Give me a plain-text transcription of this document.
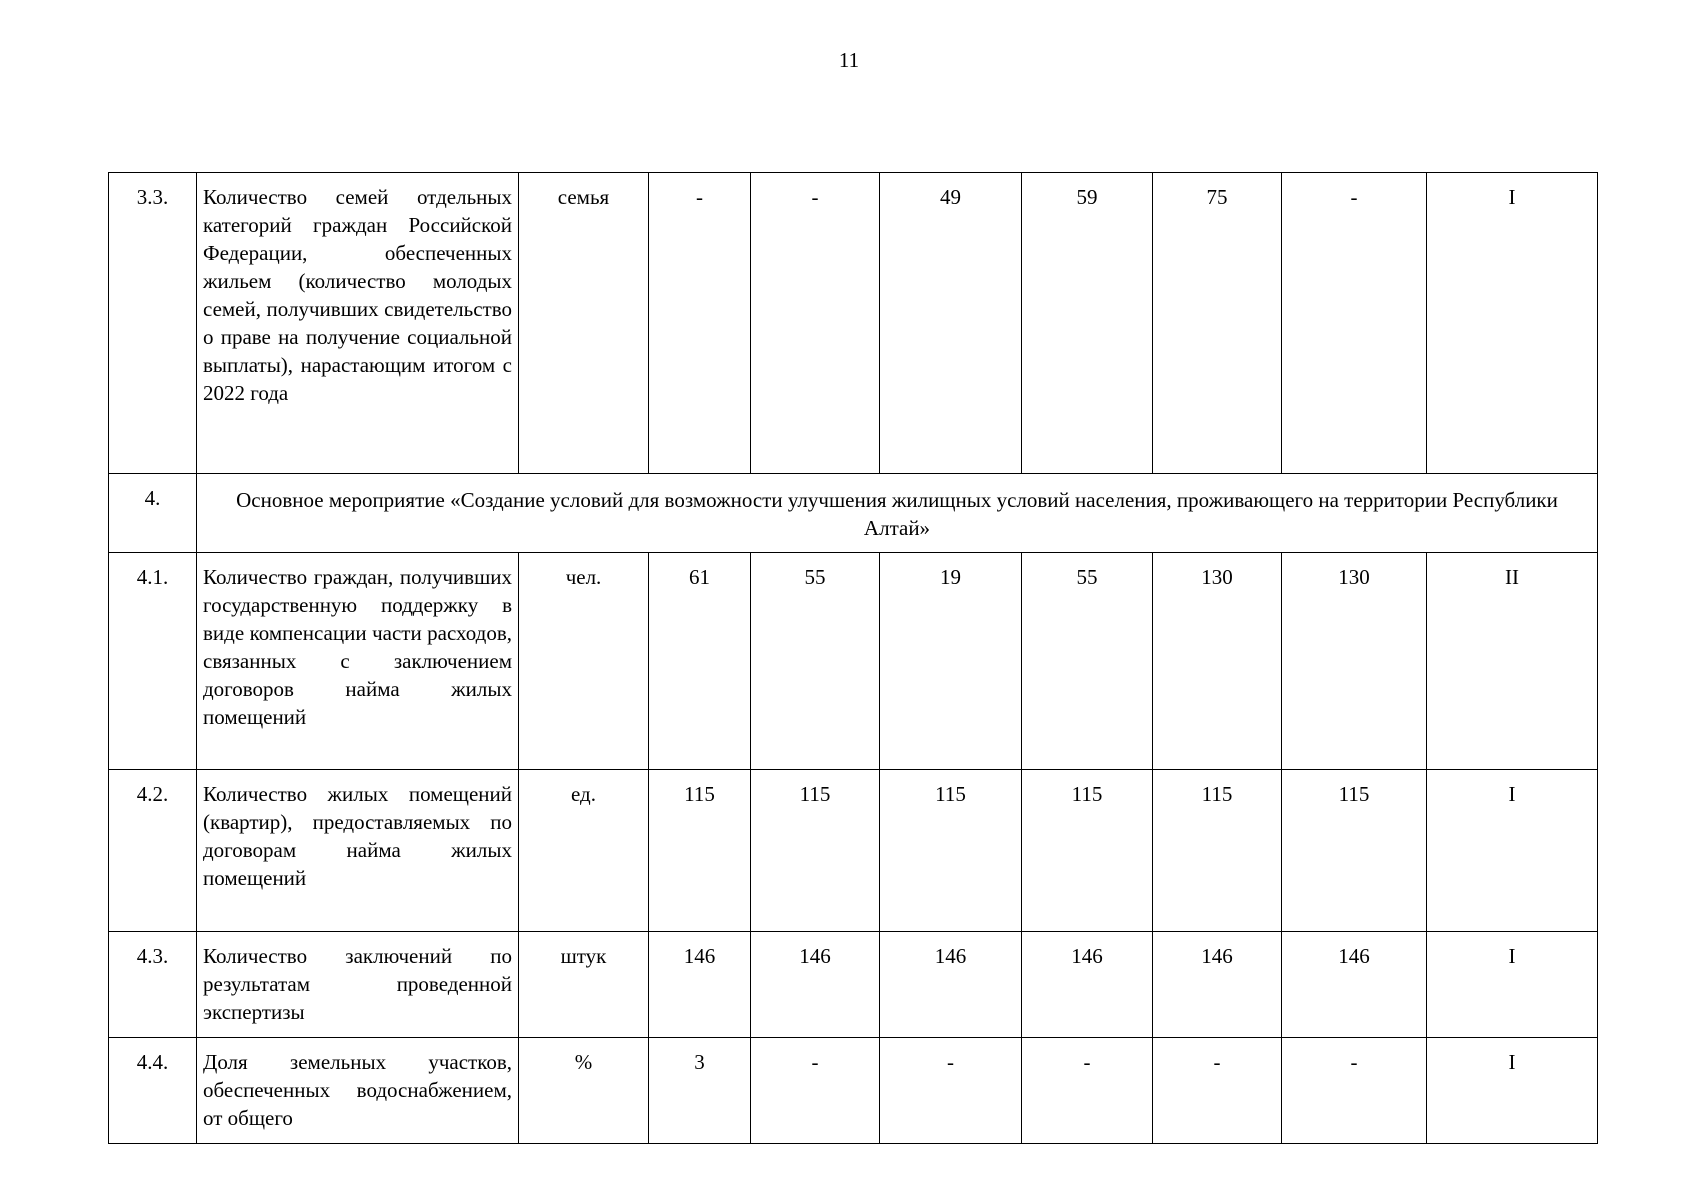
11
3.3.	Количество семей отдельных категорий граждан Российской Федерации, обеспеченных жильем (количество молодых семей, получивших свидетельство о праве на получение социальной выплаты), нарастающим итогом с 2022 года	семья	-	-	49	59	75	-	I
4.	Основное мероприятие «Создание условий для возможности улучшения жилищных условий населения, проживающего на территории Республики Алтай»								
4.1.	Количество граждан, получивших государственную поддержку в виде компенсации части расходов, связанных с заключением договоров найма жилых помещений	чел.	61	55	19	55	130	130	II
4.2.	Количество жилых помещений (квартир), предоставляемых по договорам найма жилых помещений	ед.	115	115	115	115	115	115	I
4.3.	Количество заключений по результатам проведенной экспертизы	штук	146	146	146	146	146	146	I
4.4.	Доля земельных участков, обеспеченных водоснабжением, от общего	%	3	-	-	-	-	-	I
